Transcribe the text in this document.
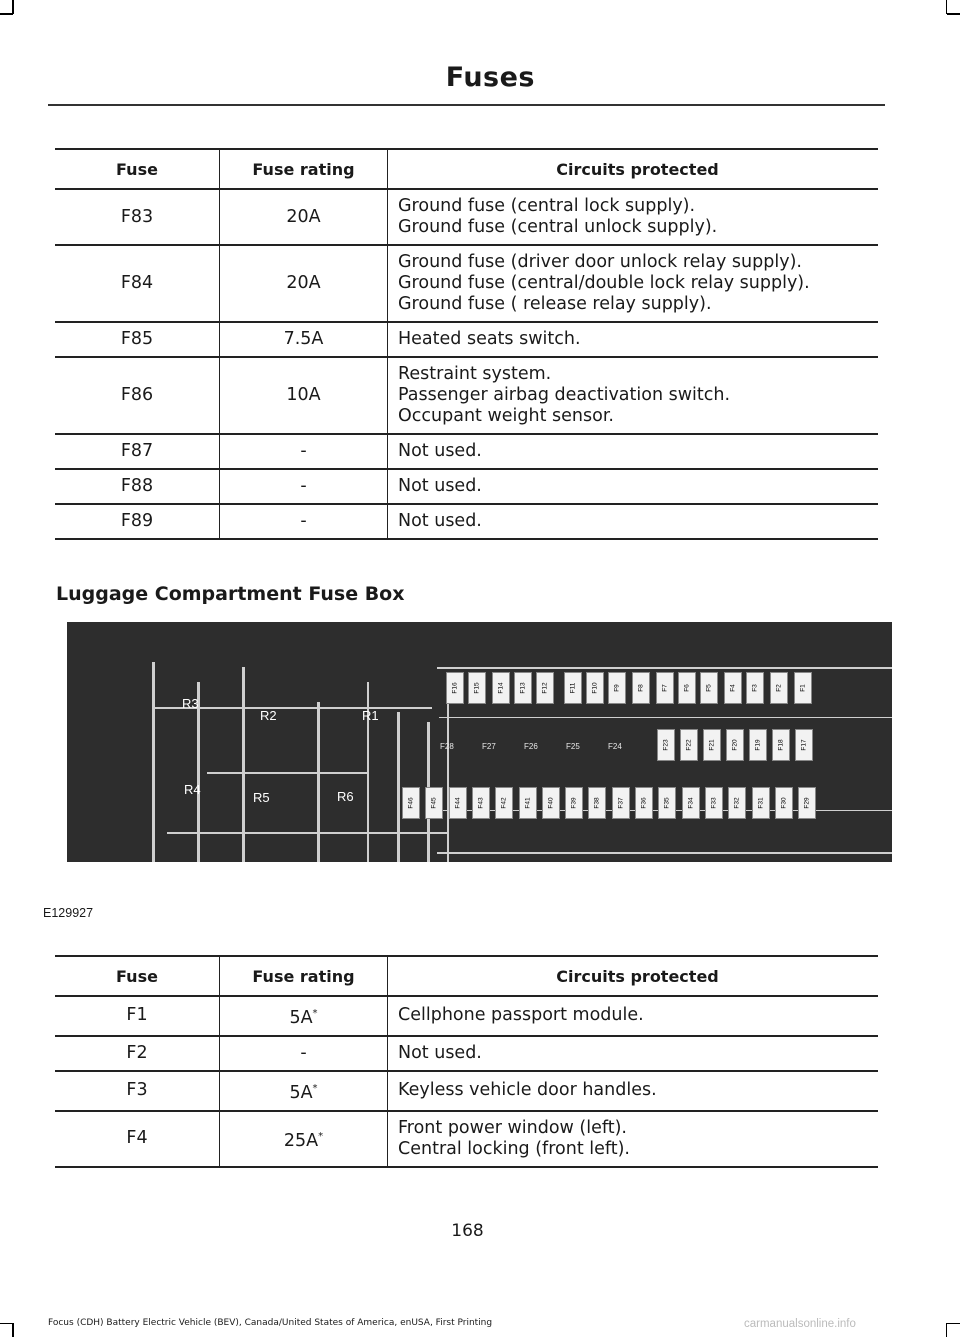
Fuses
Fuse	Fuse rating	Circuits protected
F83	20A	Ground fuse (central lock supply).
Ground fuse (central unlock supply).

F84	20A	Ground fuse (driver door unlock relay supply).
Ground fuse (central/double lock relay supply).
Ground fuse ( release relay supply).

F85	7.5A	Heated seats switch.

F86	10A	Restraint system.
Passenger airbag deactivation switch.
Occupant weight sensor.

F87	-	Not used.

F88	-	Not used.

F89	-	Not used.
Luggage Compartment Fuse Box
F16 F15	F14 F13 F12	F11 F10 F9	F8	F7 F6 F5	F4 F3	F2	F1
F23 F22 F21 F20 F19 F18 F17
F46	F45	F44	F43	F42	F41	F40	F39	F38	F37	F36	F35	F34	F33	F32	F31	F30	F29
R1
R2
R3
R4
R5	R6
F28	F27	F26	F25	F24
E129927
Fuse	Fuse rating	Circuits protected
F1	5A*	Cellphone passport module.

F2	-	Not used.

F3	5A*	Keyless vehicle door handles.

F4	25A*	Front power window (left).
Central locking (front left).
168
Focus (CDH) Battery Electric Vehicle (BEV), Canada/United States of America, enUSA, First Printing	carmanualsonline.info
